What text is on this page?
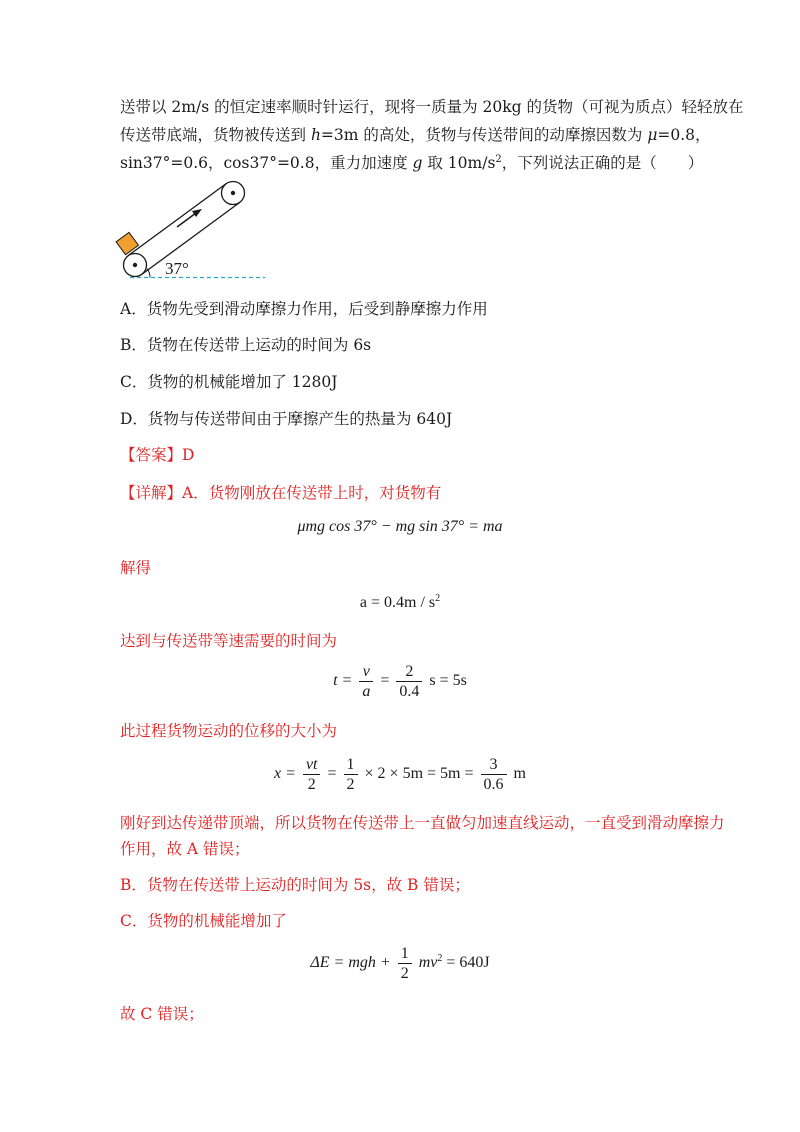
送带以 2m/s 的恒定速率顺时针运行，现将一质量为 20kg 的货物（可视为质点）轻轻放在
传送带底端，货物被传送到 h=3m 的高处，货物与传送带间的动摩擦因数为 μ=0.8，
sin37°=0.6，cos37°=0.8，重力加速度 g 取 $10m/s^2$，下列说法正确的是（　　）
37°
A．货物先受到滑动摩擦力作用，后受到静摩擦力作用
B．货物在传送带上运动的时间为 6s
C．货物的机械能增加了 1280J
D．货物与传送带间由于摩擦产生的热量为 640J
【答案】D
【详解】A．货物刚放在传送带上时，对货物有
μmg cos 37° − mg sin 37° = ma
解得
$a = 0.4m / s^2$
达到与传送带等速需要的时间为
$t = \frac{v}{a} = \frac{2}{0.4}$ s = 5s
此过程货物运动的位移的大小为
$x = \frac{vt}{2} = \frac{1}{2} \times 2 \times 5m = 5m = \frac{3}{0.6}$ m
刚好到达传递带顶端，所以货物在传送带上一直做匀加速直线运动，一直受到滑动摩擦力
作用，故 A 错误；
B．货物在传送带上运动的时间为 5s，故 B 错误；
C．货物的机械能增加了
ΔE = mgh + $\frac{1}{2} mv^2 = 640J$
故 C 错误；
